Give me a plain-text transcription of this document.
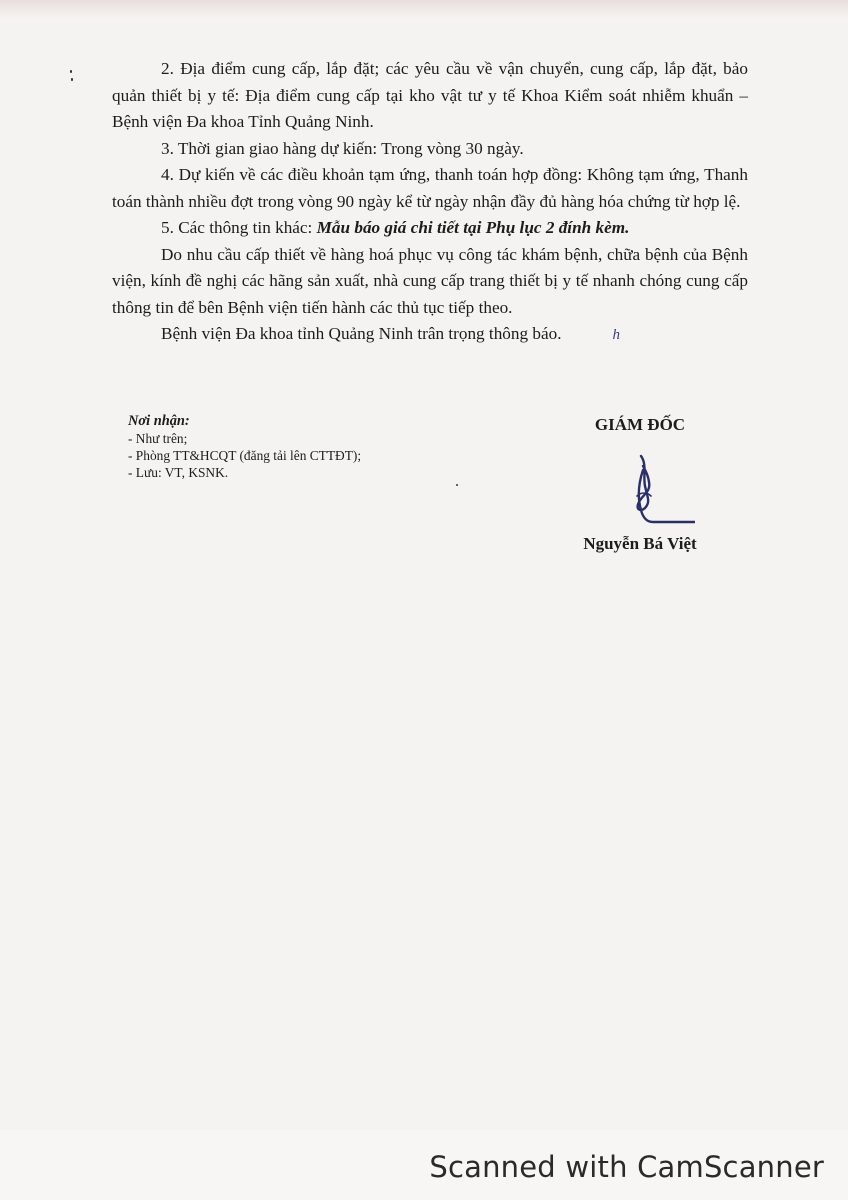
2. Địa điểm cung cấp, lắp đặt; các yêu cầu về vận chuyển, cung cấp, lắp đặt, bảo quản thiết bị y tế: Địa điểm cung cấp tại kho vật tư y tế Khoa Kiểm soát nhiễm khuẩn – Bệnh viện Đa khoa Tỉnh Quảng Ninh.

3. Thời gian giao hàng dự kiến: Trong vòng 30 ngày.

4. Dự kiến về các điều khoản tạm ứng, thanh toán hợp đồng: Không tạm ứng, Thanh toán thành nhiều đợt trong vòng 90 ngày kể từ ngày nhận đầy đủ hàng hóa chứng từ hợp lệ.

5. Các thông tin khác: Mẫu báo giá chi tiết tại Phụ lục 2 đính kèm.

Do nhu cầu cấp thiết về hàng hoá phục vụ công tác khám bệnh, chữa bệnh của Bệnh viện, kính đề nghị các hãng sản xuất, nhà cung cấp trang thiết bị y tế nhanh chóng cung cấp thông tin để bên Bệnh viện tiến hành các thủ tục tiếp theo.

Bệnh viện Đa khoa tỉnh Quảng Ninh trân trọng thông báo.	h

Nơi nhận:

- Như trên;

- Phòng TT&HCQT (đăng tải lên CTTĐT);

- Lưu: VT, KSNK.

GIÁM ĐỐC
Nguyễn Bá Việt
Scanned with CamScanner
